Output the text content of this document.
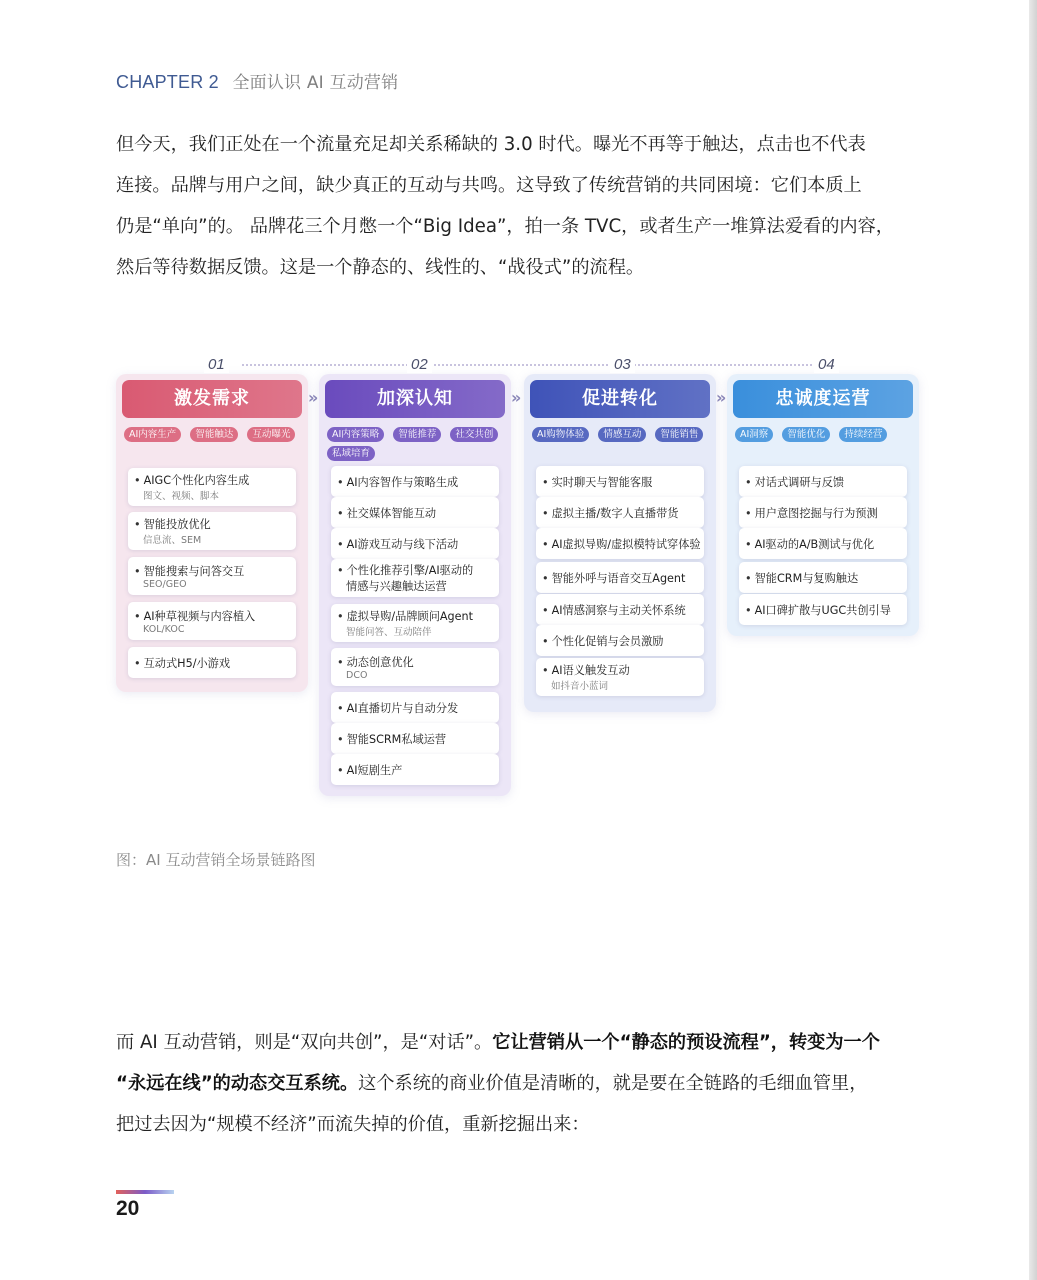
CHAPTER 2 全面认识 AI 互动营销

但今天，我们正处在一个流量充足却关系稀缺的 3.0 时代。曝光不再等于触达，点击也不代表
连接。品牌与用户之间，缺少真正的互动与共鸣。这导致了传统营销的共同困境：它们本质上
仍是“单向”的。 品牌花三个月憋一个“Big Idea”，拍一条 TVC，或者生产一堆算法爱看的内容，
然后等待数据反馈。这是一个静态的、线性的、“战役式”的流程。

01
激发需求	»
AI内容生产	智能触达	互动曝光
• AIGC个性化内容生成
图文、视频、脚本
• 智能投放优化
信息流、SEM
• 智能搜索与问答交互
SEO/GEO
• AI种草视频与内容植入
KOL/KOC
• 互动式H5/小游戏
02
加深认知	»
AI内容策略	智能推荐	社交共创
私域培育
• AI内容智作与策略生成
• 社交媒体智能互动
• AI游戏互动与线下活动
• 个性化推荐引擎/AI驱动的
情感与兴趣触达运营
• 虚拟导购/品牌顾问Agent
智能问答、互动陪伴
• 动态创意优化
DCO
• AI直播切片与自动分发
• 智能SCRM私域运营
• AI短剧生产
03
促进转化	»
AI购物体验	情感互动	智能销售
• 实时聊天与智能客服
• 虚拟主播/数字人直播带货
• AI虚拟导购/虚拟模特试穿体验
• 智能外呼与语音交互Agent
• AI情感洞察与主动关怀系统
• 个性化促销与会员激励
• AI语义触发互动
如抖音小蓝词
04
忠诚度运营
AI洞察	智能优化	持续经营
• 对话式调研与反馈
• 用户意图挖掘与行为预测
• AI驱动的A/B测试与优化
• 智能CRM与复购触达
• AI口碑扩散与UGC共创引导
图：AI 互动营销全场景链路图

而 AI 互动营销，则是“双向共创”，是“对话”。它让营销从一个“静态的预设流程”，转变为一个
“永远在线”的动态交互系统。这个系统的商业价值是清晰的，就是要在全链路的毛细血管里，
把过去因为“规模不经济”而流失掉的价值，重新挖掘出来：

20
